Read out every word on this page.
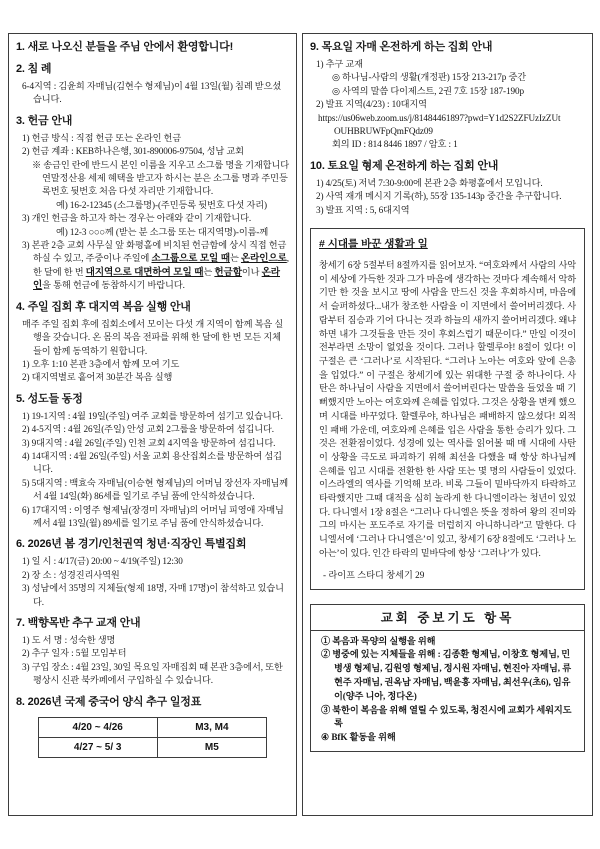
1. 새로 나오신 분들을 주님 안에서 환영합니다!
2. 침 례
6-4지역 : 김윤희 자매님(김현수 형제님)이 4월 13일(월) 침례 받으셨습니다.
3. 헌금 안내
1) 헌금 방식 : 직접 헌금 또는 온라인 헌금
2) 헌금 계좌 : KEB하나은행, 301-890006-97504, 성남 교회
※ 송금인 란에 반드시 본인 이름을 지우고 소그룹 명을 기재합니다 연말정산용 세제 혜택을 받고자 하시는 분은 소그룹 명과 주민등록번호 뒷번호 처음 다섯 자리만 기재합니다.
예) 16-2-12345 (소그룹명)-(주민등록 뒷번호 다섯 자리)
3) 개인 헌금을 하고자 하는 경우는 아래와 같이 기재합니다.
예) 12-3 ○○○께 (받는 분 소그룹 또는 대지역명)-이름-께
3) 본관 2층 교회 사무실 앞 화평홀에 비치된 헌금함에 상시 직접 헌금하실 수 있고, 주중이나 주일에 소그룹으로 모일 때는 온라인으로, 한 달에 한 번 대지역으로 대면하여 모일 때는 헌금함이나 온라인을 통해 헌금에 동참하시기 바랍니다.
4. 주일 집회 후 대지역 복음 실행 안내
매주 주일 집회 후에 집회소에서 모이는 다섯 개 지역이 함께 복음 실행을 갖습니다. 온 몸의 복음 전파를 위해 한 달에 한 번 모든 지체들이 함께 동역하기 원합니다.
1) 오후 1:10 본관 3층에서 함께 모여 기도
2) 대지역별로 흩어져 30분간 복음 실행
5. 성도들 동정
1) 19-1지역 : 4월 19일(주일) 여주 교회를 방문하여 섬기고 있습니다.
2) 4-5지역 : 4월 26일(주일) 안성 교회 2그룹을 방문하여 섬깁니다.
3) 9대지역 : 4월 26일(주일) 인천 교회 4지역을 방문하여 섬깁니다.
4) 14대지역 : 4월 26일(주일) 서울 교회 용산집회소를 방문하여 섬깁니다.
5) 5대지역 : 백효숙 자매님(이승현 형제님)의 어머님 장선자 자매님께서 4월 14일(화) 86세를 일기로 주님 품에 안식하셨습니다.
6) 17대지역 : 이영주 형제님(장경미 자매님)의 어머님 피영애 자매님께서 4월 13일(월) 89세를 일기로 주님 품에 안식하셨습니다.
6. 2026년 봄 경기/인천권역 청년·직장인 특별집회
1) 일 시 : 4/17(금) 20:00 ~ 4/19(주일) 12:30
2) 장 소 : 성경진리사역원
3) 성남에서 35명의 지체들(형제 18명, 자매 17명)이 참석하고 있습니다.
7. 백향목반 추구 교재 안내
1) 도 서 명 : 성숙한 생명
2) 추구 일자 : 5월 모임부터
3) 구입 장소 : 4월 23일, 30일 목요일 자매집회 때 본관 3층에서, 또한 평상시 신관 북카페에서 구입하실 수 있습니다.
8. 2026년 국제 중국어 양식 추구 일정표
4/20 ~ 4/26	M3, M4
4/27 ~ 5/ 3	M5
9. 목요일 자매 온전하게 하는 집회 안내
1) 추구 교재
◎ 하나님-사람의 생활(개정판) 15장 213-217p 중간
◎ 사역의 말씀 다이제스트, 2권 7호 15장 187-190p
2) 발표 지역(4/23) : 10대지역
https://us06web.zoom.us/j/81484461897?pwd=Y1d2S2ZFUzIzZUt
OUHBRUWFpQmFQdz09
회의 ID : 814 8446 1897 / 암호 : 1
10. 토요일 형제 온전하게 하는 집회 안내
1) 4/25(토) 저녁 7:30-9:00에 본관 2층 화평홀에서 모입니다.
2) 사역 재개 메시지 기록(하), 55장 135-143p 중간을 추구합니다.
3) 발표 지역 : 5, 6대지역
# 시대를 바꾼 생활과 일
창세기 6장 5절부터 8절까지를 읽어보자. “여호와께서 사람의 사악이 세상에 가득한 것과 그가 마음에 생각하는 것마다 계속해서 악하기만 한 것을 보시고 땅에 사람을 만드신 것을 후회하시며, 마음에서 슬퍼하셨다...내가 창조한 사람을 이 지면에서 쓸어버리겠다. 사람부터 짐승과 기어 다니는 것과 하늘의 새까지 쓸어버리겠다. 왜냐하면 내가 그것들을 만든 것이 후회스럽기 때문이다.” 만일 이것이 전부라면 소망이 없었을 것이다. 그러나 할렐루야! 8절이 있다! 이 구절은 큰 ‘그러나’로 시작된다. “그러나 노아는 여호와 앞에 은총을 입었다.” 이 구절은 창세기에 있는 위대한 구절 중 하나이다. 사탄은 하나님이 사람을 지면에서 쓸어버린다는 말씀을 들었을 때 기뻐했지만 노아는 여호와께 은혜를 입었다. 그것은 상황을 변케 했으며 시대를 바꾸었다. 할렐루야, 하나님은 패배하지 않으셨다! 외적인 패배 가운데, 여호와께 은혜를 입은 사람을 통한 승리가 있다. 그것은 전환점이었다. 성경에 있는 역사를 읽어볼 때 매 시대에 사탄이 상황을 극도로 파괴하기 위해 최선을 다했을 때 항상 하나님께 은혜를 입고 시대를 전환한 한 사람 또는 몇 명의 사람들이 있었다. 이스라엘의 역사를 기억해 보라. 비록 그들이 밑바닥까지 타락하고 타락했지만 그때 대적을 심히 놀라게 한 다니엘이라는 청년이 있었다. 다니엘서 1장 8절은 “그러나 다니엘은 뜻을 정하여 왕의 진미와 그의 마시는 포도주로 자기를 더럽히지 아니하니라”고 말한다. 다니엘서에 ‘그러나 다니엘은’이 있고, 창세기 6장 8절에도 ‘그러나 노아는’이 있다. 인간 타락의 밑바닥에 항상 ‘그러나’가 있다.
- 라이프 스타디 창세기 29
교회 중보기도 항목
① 복음과 목양의 실행을 위해
② 병중에 있는 지체들을 위해 : 김종환 형제님, 이창호 형제님, 민병생 형제님, 김원영 형제님, 정시원 자매님, 현진아 자매님, 류현주 자매님, 권옥남 자매님, 백윤홍 자매님, 최선우(초6), 임유이(양주 니아, 정다온)
③ 북한이 복음을 위해 열릴 수 있도록, 청진시에 교회가 세워지도록
④ BfK 활동을 위해
